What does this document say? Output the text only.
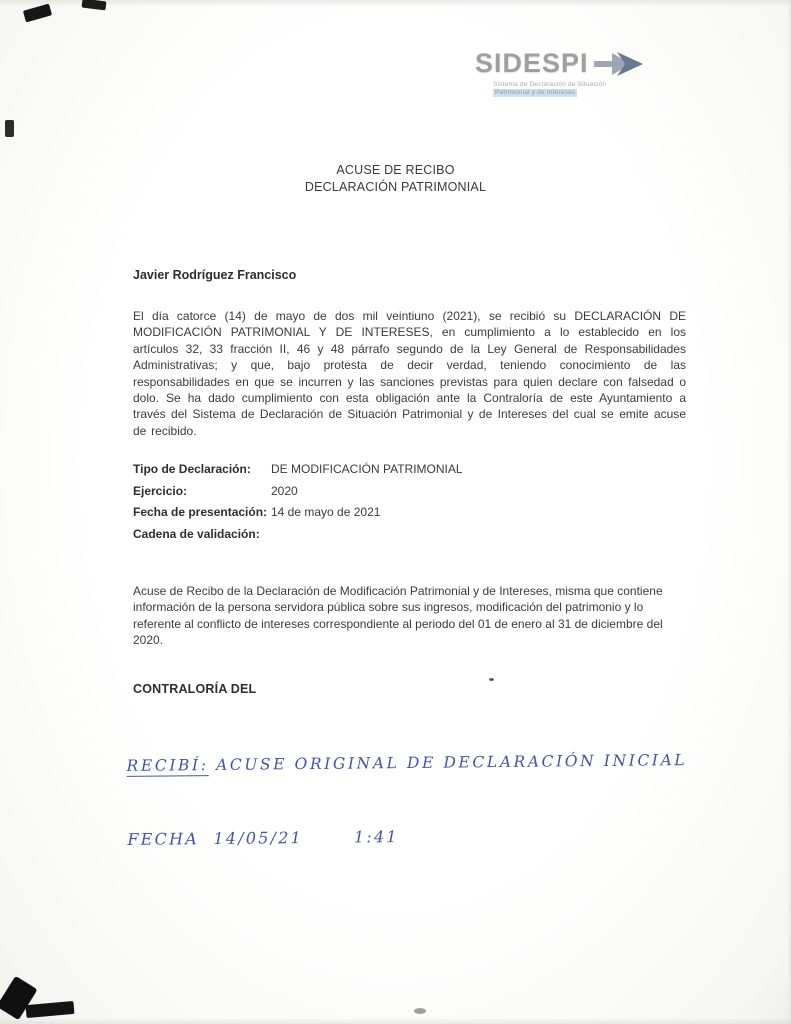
SIDESPI
Sistema de Declaración de Situación
Patrimonial y de Intereses
ACUSE DE RECIBO
DECLARACIÓN PATRIMONIAL
Javier Rodríguez Francisco

El día catorce (14) de mayo de dos mil veintiuno (2021), se recibió su DECLARACIÓN DE MODIFICACIÓN PATRIMONIAL Y DE INTERESES, en cumplimiento a lo establecido en los artículos 32, 33 fracción II, 46 y 48 párrafo segundo de la Ley General de Responsabilidades Administrativas; y que, bajo protesta de decir verdad, teniendo conocimiento de las responsabilidades en que se incurren y las sanciones previstas para quien declare con falsedad o dolo. Se ha dado cumplimiento con esta obligación ante la Contraloría de este Ayuntamiento a través del Sistema de Declaración de Situación Patrimonial y de Intereses del cual se emite acuse de recibido.

Tipo de Declaración: DE MODIFICACIÓN PATRIMONIAL
Ejercicio:	2020
Fecha de presentación: 14 de mayo de 2021
Cadena de validación:

Acuse de Recibo de la Declaración de Modificación Patrimonial y de Intereses, misma que contiene información de la persona servidora pública sobre sus ingresos, modificación del patrimonio y lo referente al conflicto de intereses correspondiente al periodo del 01 de enero al 31 de diciembre del 2020.

CONTRALORÍA DEL

RECIBÍ: ACUSE ORIGINAL DE DECLARACIÓN INICIAL

FECHA  14/05/21       1:41
